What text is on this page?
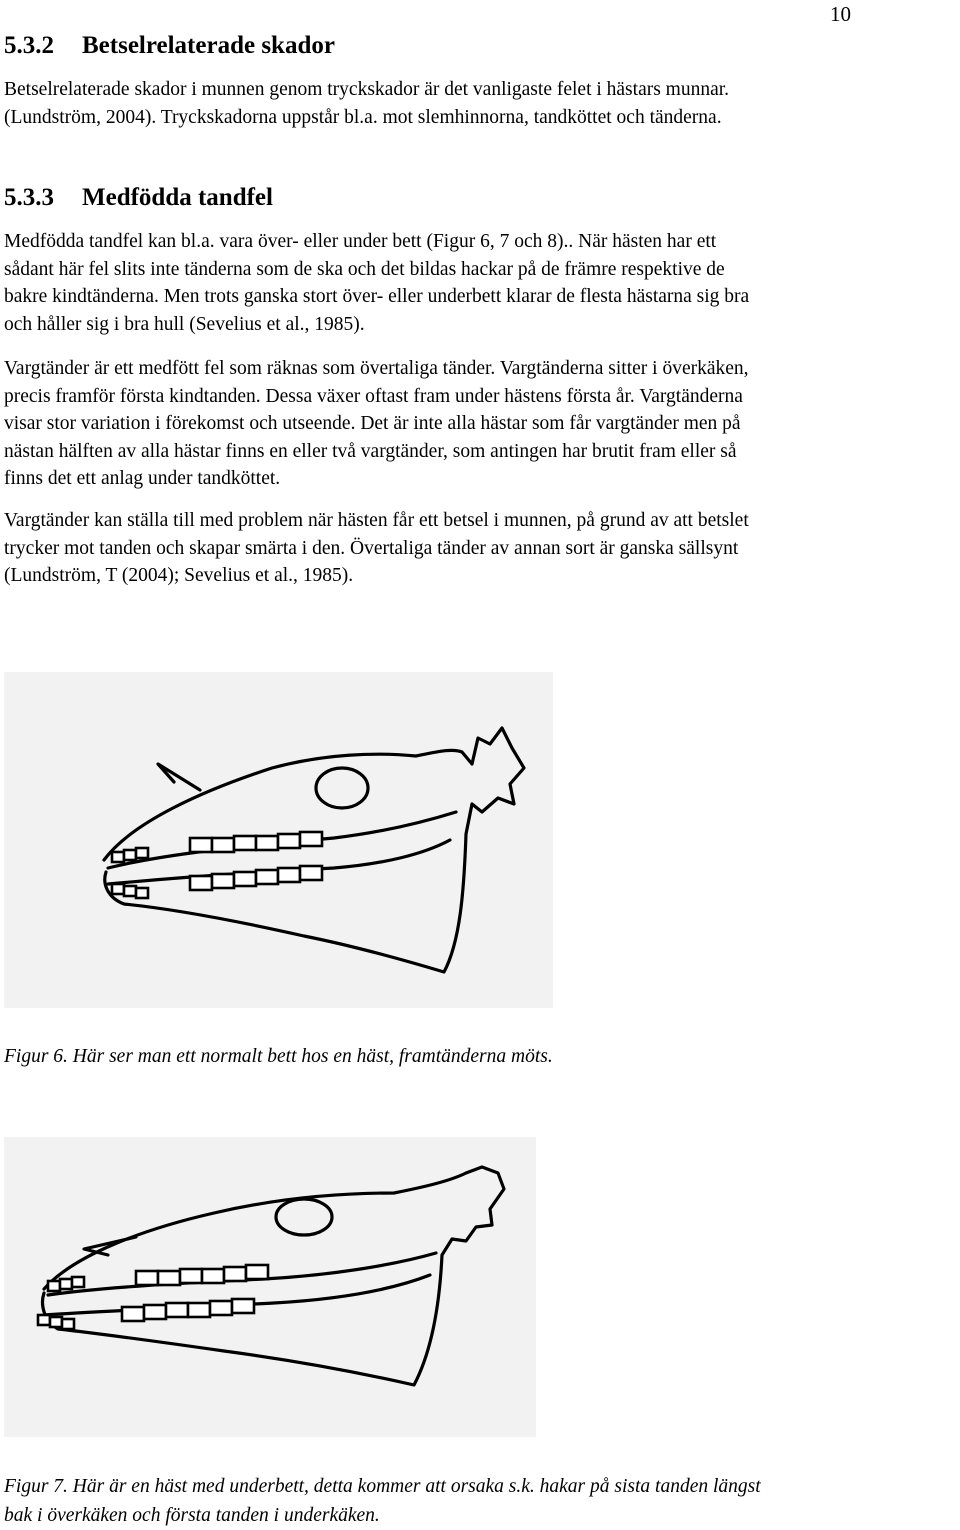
10
5.3.2 Betselrelaterade skador

Betselrelaterade skador i munnen genom tryckskador är det vanligaste felet i hästars munnar.
(Lundström, 2004). Tryckskadorna uppstår bl.a. mot slemhinnorna, tandköttet och tänderna.

5.3.3 Medfödda tandfel

Medfödda tandfel kan bl.a. vara över- eller under bett (Figur 6, 7 och 8).. När hästen har ett
sådant här fel slits inte tänderna som de ska och det bildas hackar på de främre respektive de
bakre kindtänderna. Men trots ganska stort över- eller underbett klarar de flesta hästarna sig bra
och håller sig i bra hull (Sevelius et al., 1985).

Vargtänder är ett medfött fel som räknas som övertaliga tänder. Vargtänderna sitter i överkäken,
precis framför första kindtanden. Dessa växer oftast fram under hästens första år. Vargtänderna
visar stor variation i förekomst och utseende. Det är inte alla hästar som får vargtänder men på
nästan hälften av alla hästar finns en eller två vargtänder, som antingen har brutit fram eller så
finns det ett anlag under tandköttet.

Vargtänder kan ställa till med problem när hästen får ett betsel i munnen, på grund av att betslet
trycker mot tanden och skapar smärta i den. Övertaliga tänder av annan sort är ganska sällsynt
(Lundström, T (2004); Sevelius et al., 1985).

Figur 6. Här ser man ett normalt bett hos en häst, framtänderna möts.

Figur 7. Här är en häst med underbett, detta kommer att orsaka s.k. hakar på sista tanden längst
bak i överkäken och första tanden i underkäken.
